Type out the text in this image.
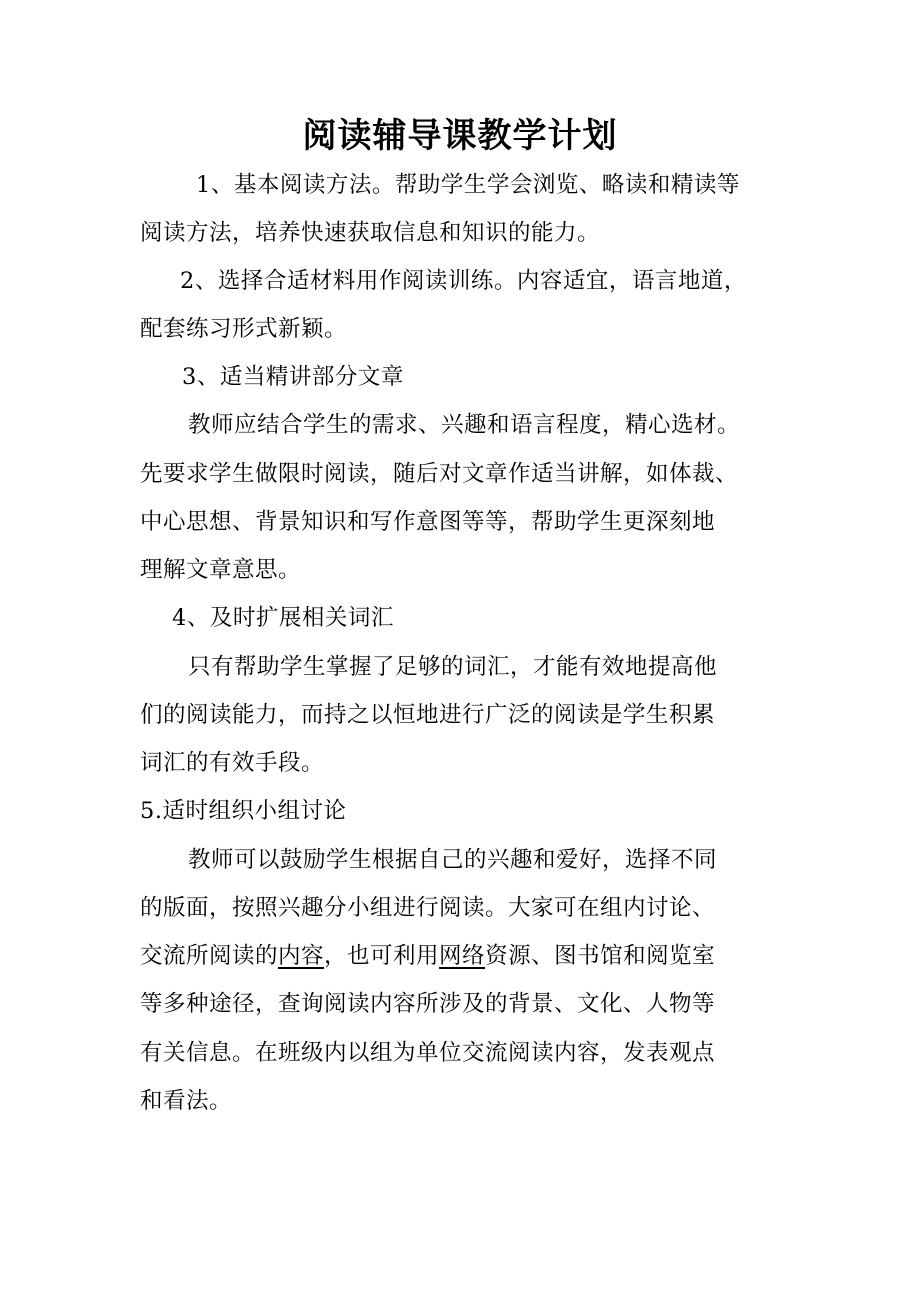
阅读辅导课教学计划
1、基本阅读方法。帮助学生学会浏览、略读和精读等
阅读方法，培养快速获取信息和知识的能力。
2、选择合适材料用作阅读训练。内容适宜，语言地道，
配套练习形式新颖。
3、适当精讲部分文章
教师应结合学生的需求、兴趣和语言程度，精心选材。
先要求学生做限时阅读，随后对文章作适当讲解，如体裁、
中心思想、背景知识和写作意图等等，帮助学生更深刻地
理解文章意思。
4、及时扩展相关词汇
只有帮助学生掌握了足够的词汇，才能有效地提高他
们的阅读能力，而持之以恒地进行广泛的阅读是学生积累
词汇的有效手段。
5.适时组织小组讨论
教师可以鼓励学生根据自己的兴趣和爱好，选择不同
的版面，按照兴趣分小组进行阅读。大家可在组内讨论、
交流所阅读的内容，也可利用网络资源、图书馆和阅览室
等多种途径，查询阅读内容所涉及的背景、文化、人物等
有关信息。在班级内以组为单位交流阅读内容，发表观点
和看法。
